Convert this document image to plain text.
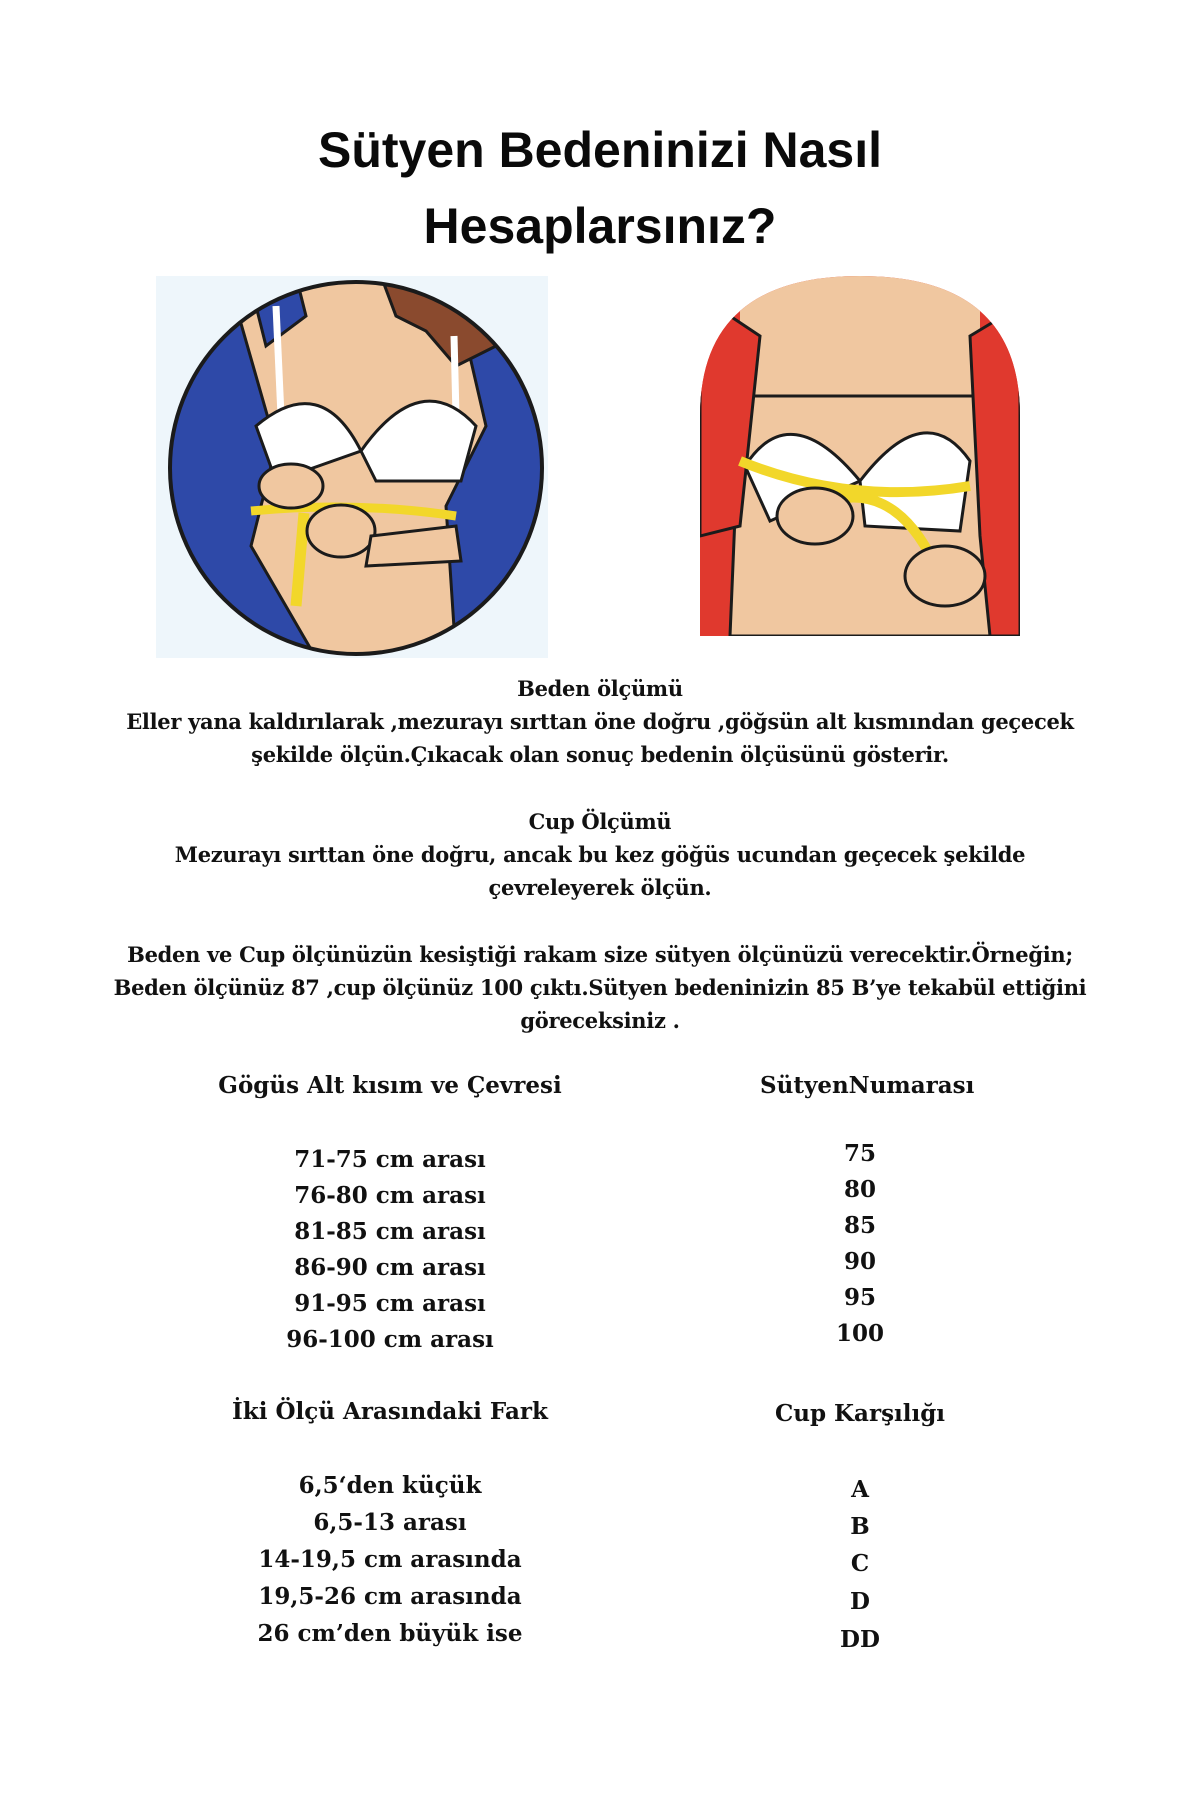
Sütyen Bedeninizi Nasıl
Hesaplarsınız?

Beden ölçümü

Eller yana kaldırılarak ,mezurayı sırttan öne doğru ,göğsün alt kısmından geçecek

şekilde ölçün.Çıkacak olan sonuç bedenin ölçüsünü gösterir.

Cup Ölçümü

Mezurayı sırttan öne doğru, ancak bu kez göğüs ucundan geçecek şekilde

çevreleyerek ölçün.

Beden ve Cup ölçünüzün kesiştiği rakam size sütyen ölçünüzü verecektir.Örneğin;

Beden ölçünüz 87 ,cup ölçünüz 100 çıktı.Sütyen bedeninizin 85 B’ye tekabül ettiğini

göreceksiniz .

Gögüs Alt kısım ve Çevresi	SütyenNumarası
71-75 cm arası
76-80 cm arası
81-85 cm arası
86-90 cm arası
91-95 cm arası
96-100 cm arası
75
80
85
90
95
100
İki Ölçü Arasındaki Fark	Cup Karşılığı
6,5‘den küçük
6,5-13 arası
14-19,5 cm arasında
19,5-26 cm arasında
26 cm’den büyük ise
A
B
C
D
DD
